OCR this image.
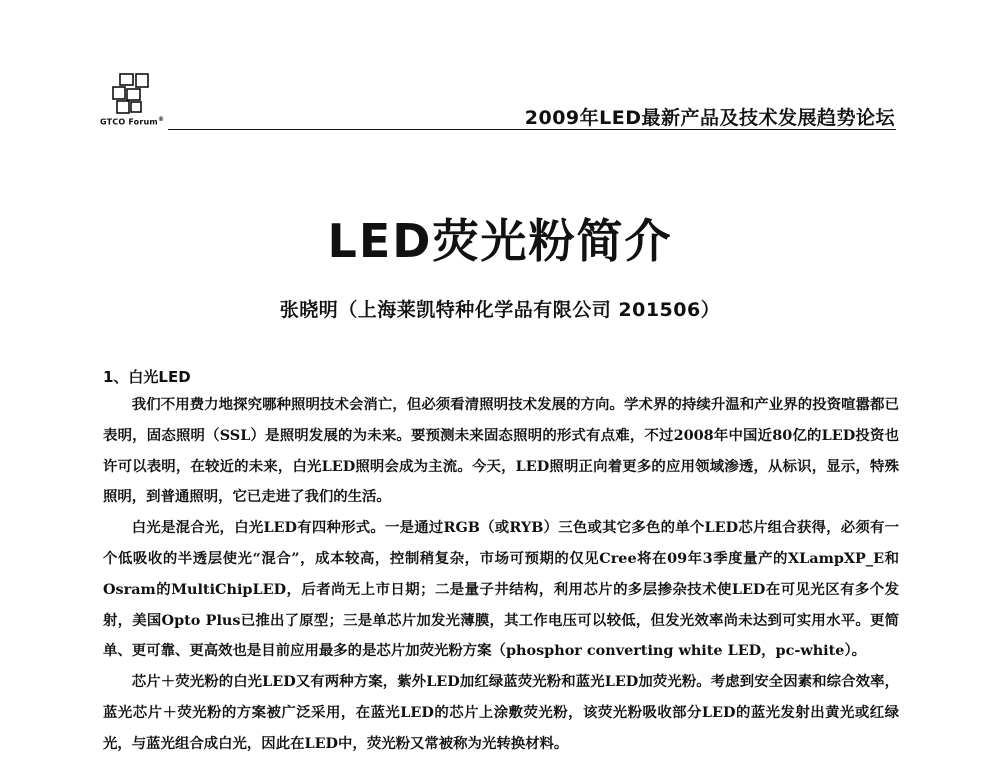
GTCO Forum®	2009年LED最新产品及技术发展趋势论坛
LED荧光粉简介
张晓明（上海莱凯特种化学品有限公司 201506）
1、白光LED

我们不用费力地探究哪种照明技术会消亡，但必须看清照明技术发展的方向。学术界的持续升温和产业界的投资喧嚣都已表明，固态照明（SSL）是照明发展的为未来。要预测未来固态照明的形式有点难，不过2008年中国近80亿的LED投资也许可以表明，在较近的未来，白光LED照明会成为主流。今天，LED照明正向着更多的应用领域渗透，从标识，显示，特殊照明，到普通照明，它已走进了我们的生活。

白光是混合光，白光LED有四种形式。一是通过RGB（或RYB）三色或其它多色的单个LED芯片组合获得，必须有一个低吸收的半透层使光“混合”，成本较高，控制稍复杂，市场可预期的仅见Cree将在09年3季度量产的XLampXP_E和Osram的MultiChipLED，后者尚无上市日期；二是量子井结构，利用芯片的多层掺杂技术使LED在可见光区有多个发射，美国Opto Plus已推出了原型；三是单芯片加发光薄膜，其工作电压可以较低，但发光效率尚未达到可实用水平。更简单、更可靠、更高效也是目前应用最多的是芯片加荧光粉方案（phosphor converting white LED，pc-white）。

芯片＋荧光粉的白光LED又有两种方案，紫外LED加红绿蓝荧光粉和蓝光LED加荧光粉。考虑到安全因素和综合效率，蓝光芯片＋荧光粉的方案被广泛采用，在蓝光LED的芯片上涂敷荧光粉，该荧光粉吸收部分LED的蓝光发射出黄光或红绿光，与蓝光组合成白光，因此在LED中，荧光粉又常被称为光转换材料。
